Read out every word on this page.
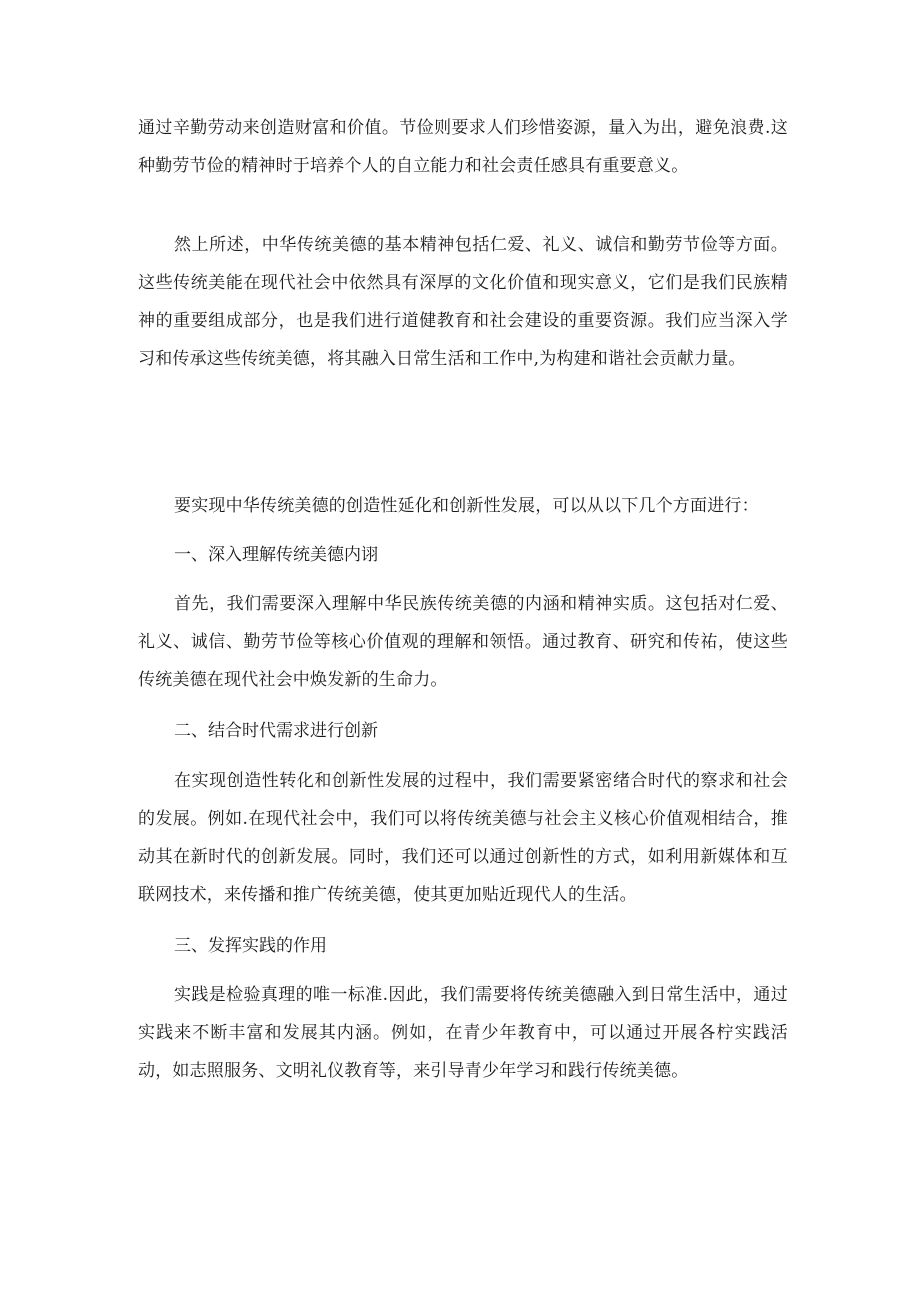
通过辛勤劳动来创造财富和价值。节俭则要求人们珍惜姿源，量入为出，避免浪费.这种勤劳节俭的精神时于培养个人的自立能力和社会责任感具有重要意义。

然上所述，中华传统美德的基本精神包括仁爱、礼义、诚信和勤劳节俭等方面。这些传统美能在现代社会中依然具有深厚的文化价值和现实意义，它们是我们民族精神的重要组成部分，也是我们进行道健教育和社会建设的重要资源。我们应当深入学习和传承这些传统美德，将其融入日常生活和工作中,为构建和谐社会贡献力量。

要实现中华传统美德的创造性延化和创新性发展，可以从以下几个方面进行：

一、深入理解传统美德内诩

首先，我们需要深入理解中华民族传统美德的内涵和精神实质。这包括对仁爱、礼义、诚信、勤劳节俭等核心价值观的理解和领悟。通过教育、研究和传祐，使这些传统美德在现代社会中焕发新的生命力。

二、结合时代需求进行创新

在实现创造性转化和创新性发展的过程中，我们需要紧密绪合时代的察求和社会的发展。例如.在现代社会中，我们可以将传统美德与社会主义核心价值观相结合，推动其在新时代的创新发展。同时，我们还可以通过创新性的方式，如利用新媒体和互联网技术，来传播和推广传统美德，使其更加贴近现代人的生活。

三、发挥实践的作用

实践是检验真理的唯一标准.因此，我们需要将传统美德融入到日常生活中，通过实践来不断丰富和发展其内涵。例如，在青少年教育中，可以通过开展各柠实践活动，如志照服务、文明礼仪教育等，来引导青少年学习和践行传统美德。
